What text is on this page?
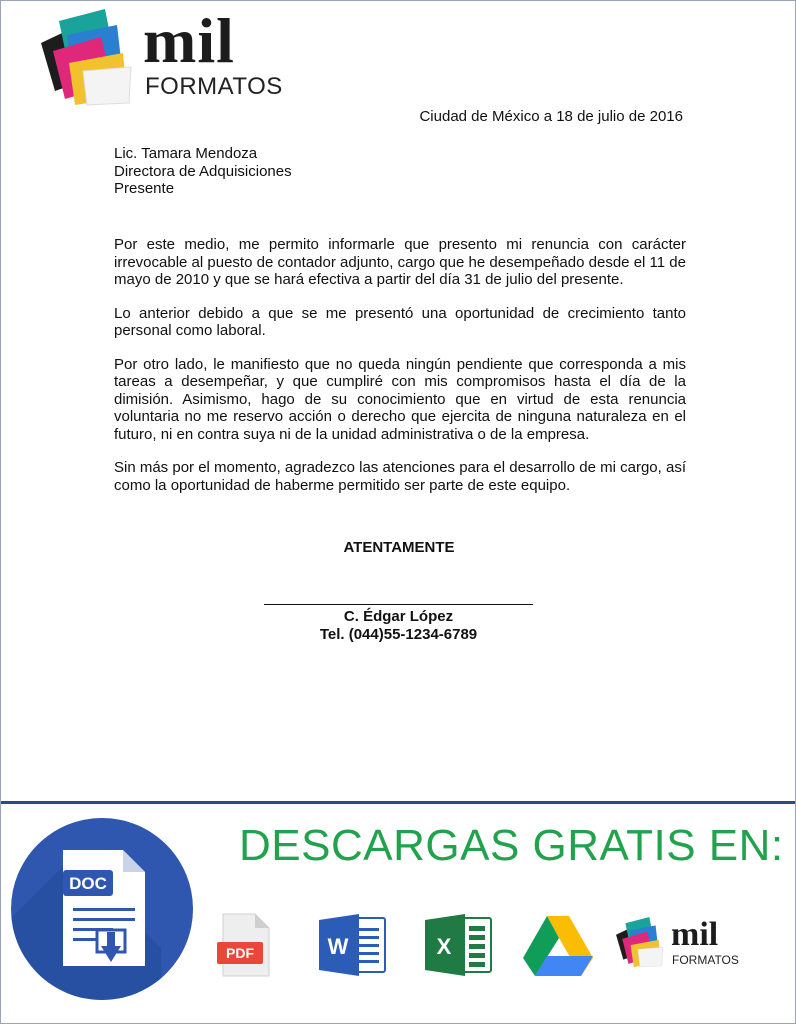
mil
FORMATOS
Ciudad de México a 18 de julio de 2016
Lic. Tamara Mendoza
Directora de Adquisiciones
Presente

Por este medio, me permito informarle que presento mi renuncia con carácter irrevocable al puesto de contador adjunto, cargo que he desempeñado desde el 11 de mayo de 2010 y que se hará efectiva a partir del día 31 de julio del presente.

Lo anterior debido a que se me presentó una oportunidad de crecimiento tanto personal como laboral.

Por otro lado, le manifiesto que no queda ningún pendiente que corresponda a mis tareas a desempeñar, y que cumpliré con mis compromisos hasta el día de la dimisión. Asimismo, hago de su conocimiento que en virtud de esta renuncia voluntaria no me reservo acción o derecho que ejercita de ninguna naturaleza en el futuro, ni en contra suya ni de la unidad administrativa o de la empresa.

Sin más por el momento, agradezco las atenciones para el desarrollo de mi cargo, así como la oportunidad de haberme permitido ser parte de este equipo.

ATENTAMENTE
C. Édgar López
Tel. (044)55-1234-6789
DOC
DESCARGAS GRATIS EN:
PDF	W	X	mil
FORMATOS
